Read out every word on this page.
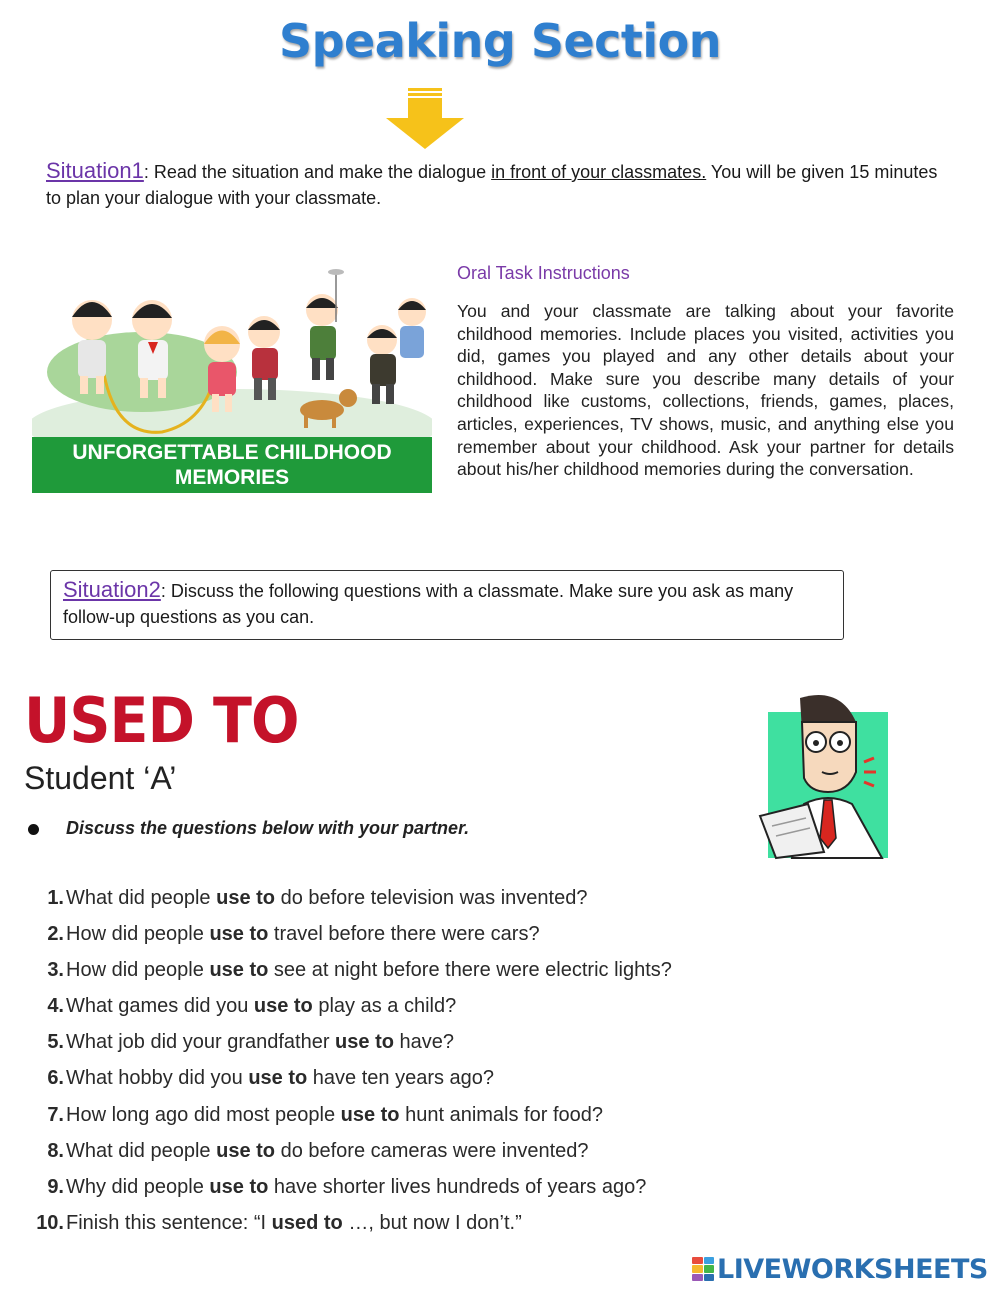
Speaking Section
Situation1: Read the situation and make the dialogue in front of your classmates. You will be given 15 minutes to plan your dialogue with your classmate.
UNFORGETTABLE CHILDHOOD
MEMORIES
Oral Task Instructions
You and your classmate are talking about your favorite childhood memories. Include places you visited, activities you did, games you played and any other details about your childhood. Make sure you describe many details of your childhood like customs, collections, friends, games, places, articles, experiences, TV shows, music, and anything else you remember about your childhood. Ask your partner for details about his/her childhood memories during the conversation.
Situation2: Discuss the following questions with a classmate. Make sure you ask as many follow-up questions as you can.
USED TO
Student ‘A’
Discuss the questions below with your partner.
1. What did people use to do before television was invented?
2. How did people use to travel before there were cars?
3. How did people use to see at night before there were electric lights?
4. What games did you use to play as a child?
5. What job did your grandfather use to have?
6. What hobby did you use to have ten years ago?
7. How long ago did most people use to hunt animals for food?
8. What did people use to do before cameras were invented?
9. Why did people use to have shorter lives hundreds of years ago?
10. Finish this sentence: “I used to …, but now I don’t.”
LIVEWORKSHEETS
